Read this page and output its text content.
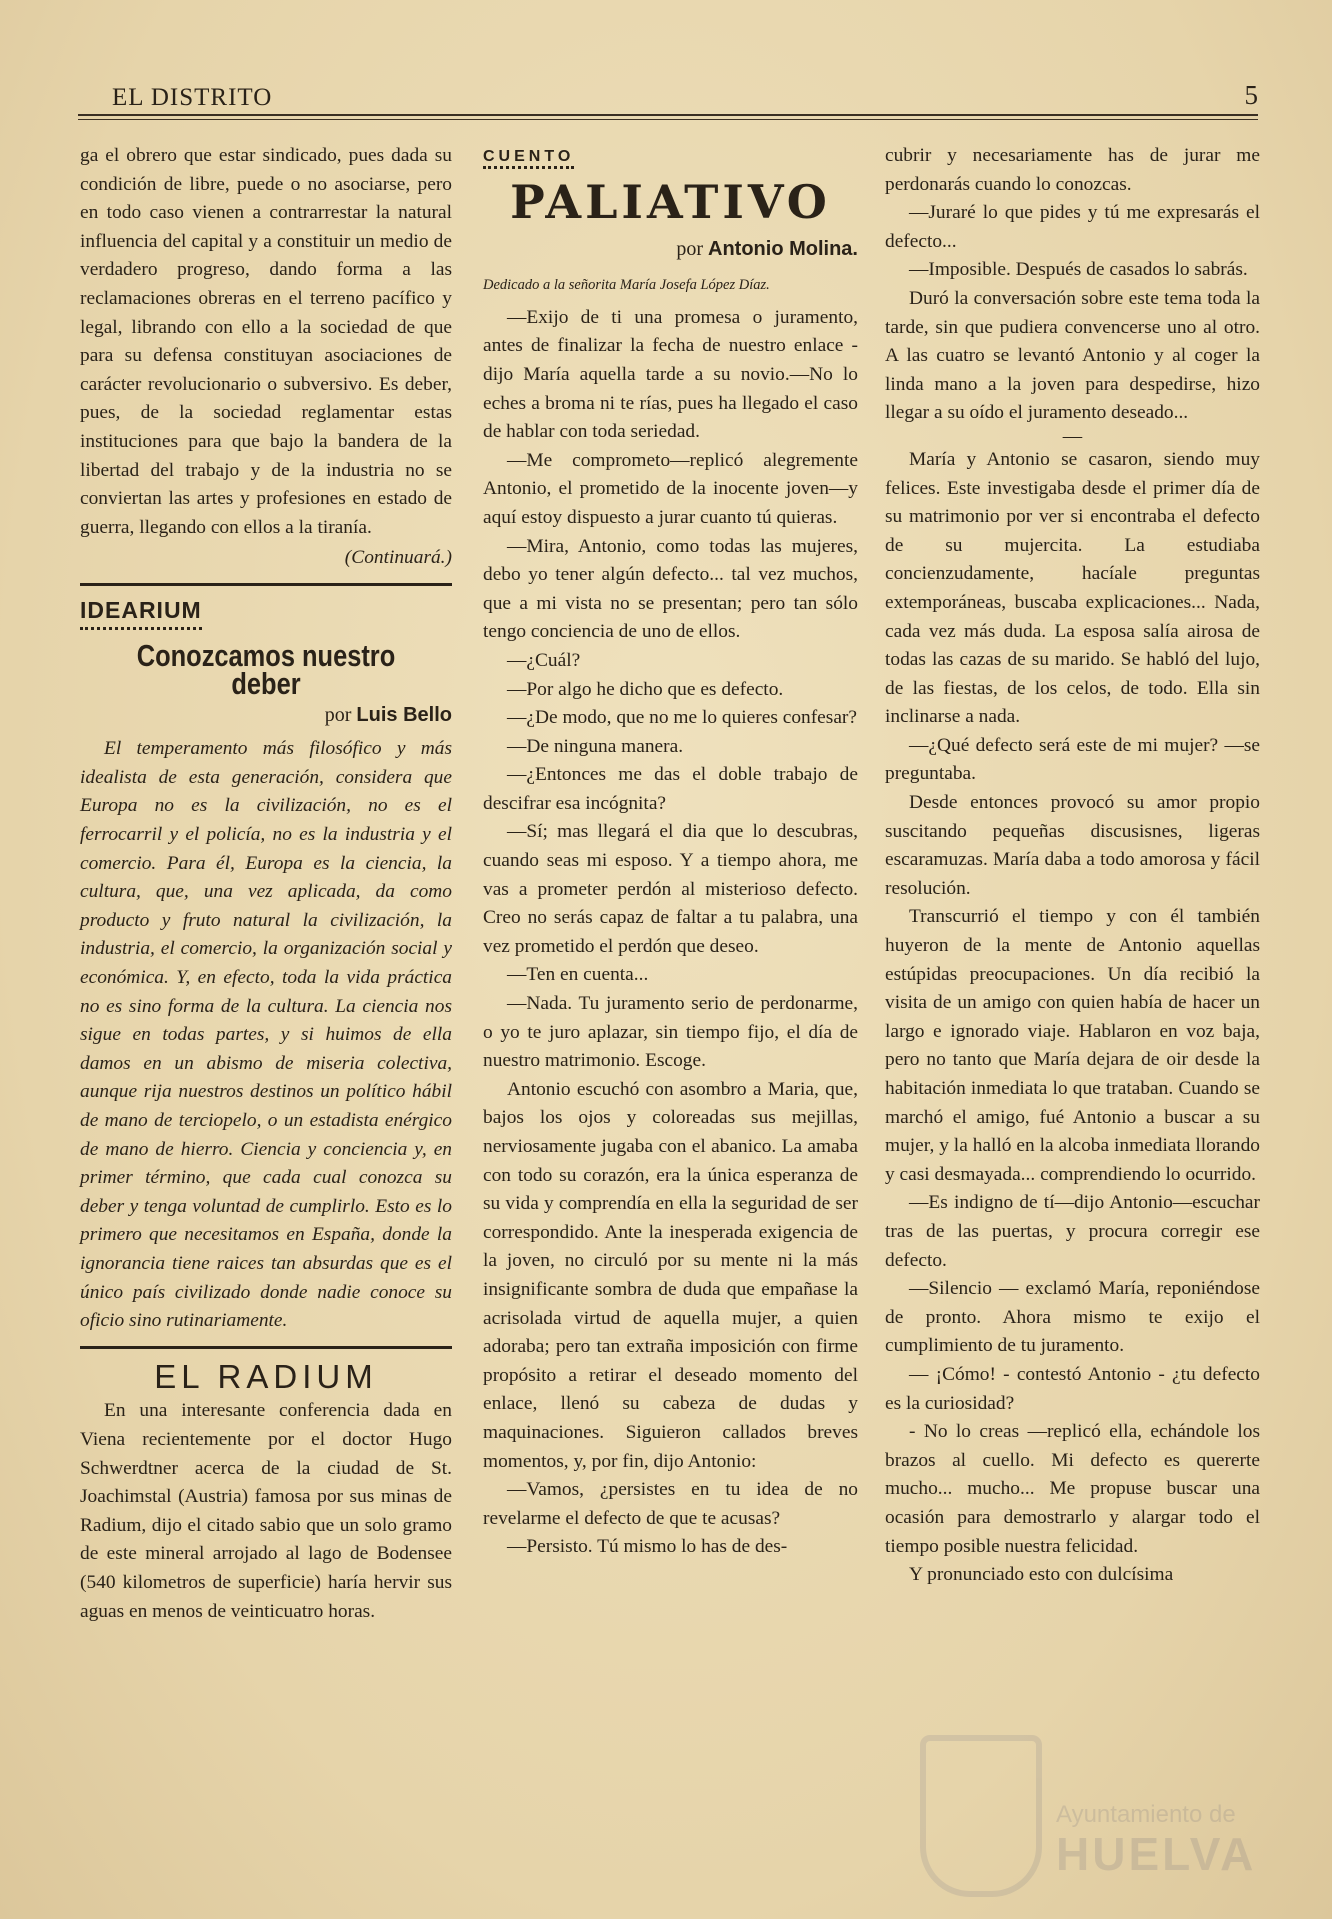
EL DISTRITO	5

ga el obrero que estar sindicado, pues dada su condición de libre, puede o no asociarse, pero en todo caso vienen a contrarrestar la natural influencia del capital y a constituir un medio de verdadero progreso, dando forma a las reclamaciones obreras en el terreno pacífico y legal, librando con ello a la sociedad de que para su defensa constituyan asociaciones de carácter revolucionario o subversivo. Es deber, pues, de la sociedad reglamentar estas instituciones para que bajo la bandera de la libertad del trabajo y de la industria no se conviertan las artes y profesiones en estado de guerra, llegando con ellos a la tiranía.

(Continuará.)
IDEARIUM
Conozcamos nuestro deber
por Luis Bello

El temperamento más filosófico y más idealista de esta generación, considera que Europa no es la civilización, no es el ferrocarril y el policía, no es la industria y el comercio. Para él, Europa es la ciencia, la cultura, que, una vez aplicada, da como producto y fruto natural la civilización, la industria, el comercio, la organización social y económica. Y, en efecto, toda la vida práctica no es sino forma de la cultura. La ciencia nos sigue en todas partes, y si huimos de ella damos en un abismo de miseria colectiva, aunque rija nuestros destinos un político hábil de mano de terciopelo, o un estadista enérgico de mano de hierro. Ciencia y conciencia y, en primer término, que cada cual conozca su deber y tenga voluntad de cumplirlo. Esto es lo primero que necesitamos en España, donde la ignorancia tiene raices tan absurdas que es el único país civilizado donde nadie conoce su oficio sino rutinariamente.

EL RADIUM

En una interesante conferencia dada en Viena recientemente por el doctor Hugo Schwerdtner acerca de la ciudad de St. Joachimstal (Austria) famosa por sus minas de Radium, dijo el citado sabio que un solo gramo de este mineral arrojado al lago de Bodensee (540 kilometros de superficie) haría hervir sus aguas en menos de veinticuatro horas.

CUENTO
PALIATIVO
por Antonio Molina.

Dedicado a la señorita María Josefa López Díaz.

—Exijo de ti una promesa o juramento, antes de finalizar la fecha de nuestro enlace - dijo María aquella tarde a su novio.—No lo eches a broma ni te rías, pues ha llegado el caso de hablar con toda seriedad.

—Me comprometo—replicó alegremente Antonio, el prometido de la inocente joven—y aquí estoy dispuesto a jurar cuanto tú quieras.

—Mira, Antonio, como todas las mujeres, debo yo tener algún defecto... tal vez muchos, que a mi vista no se presentan; pero tan sólo tengo conciencia de uno de ellos.

—¿Cuál?

—Por algo he dicho que es defecto.

—¿De modo, que no me lo quieres confesar?

—De ninguna manera.

—¿Entonces me das el doble trabajo de descifrar esa incógnita?

—Sí; mas llegará el dia que lo descubras, cuando seas mi esposo. Y a tiempo ahora, me vas a prometer perdón al misterioso defecto. Creo no serás capaz de faltar a tu palabra, una vez prometido el perdón que deseo.

—Ten en cuenta...

—Nada. Tu juramento serio de perdonarme, o yo te juro aplazar, sin tiempo fijo, el día de nuestro matrimonio. Escoge.

Antonio escuchó con asombro a Maria, que, bajos los ojos y coloreadas sus mejillas, nerviosamente jugaba con el abanico. La amaba con todo su corazón, era la única esperanza de su vida y comprendía en ella la seguridad de ser correspondido. Ante la inesperada exigencia de la joven, no circuló por su mente ni la más insignificante sombra de duda que empañase la acrisolada virtud de aquella mujer, a quien adoraba; pero tan extraña imposición con firme propósito a retirar el deseado momento del enlace, llenó su cabeza de dudas y maquinaciones. Siguieron callados breves momentos, y, por fin, dijo Antonio:

—Vamos, ¿persistes en tu idea de no revelarme el defecto de que te acusas?

—Persisto. Tú mismo lo has de des-

cubrir y necesariamente has de jurar me perdonarás cuando lo conozcas.

—Juraré lo que pides y tú me expresarás el defecto...

—Imposible. Después de casados lo sabrás.

Duró la conversación sobre este tema toda la tarde, sin que pudiera convencerse uno al otro. A las cuatro se levantó Antonio y al coger la linda mano a la joven para despedirse, hizo llegar a su oído el juramento deseado...

—

María y Antonio se casaron, siendo muy felices. Este investigaba desde el primer día de su matrimonio por ver si encontraba el defecto de su mujercita. La estudiaba concienzudamente, hacíale preguntas extemporáneas, buscaba explicaciones... Nada, cada vez más duda. La esposa salía airosa de todas las cazas de su marido. Se habló del lujo, de las fiestas, de los celos, de todo. Ella sin inclinarse a nada.

—¿Qué defecto será este de mi mujer? —se preguntaba.

Desde entonces provocó su amor propio suscitando pequeñas discusisnes, ligeras escaramuzas. María daba a todo amorosa y fácil resolución.

Transcurrió el tiempo y con él también huyeron de la mente de Antonio aquellas estúpidas preocupaciones. Un día recibió la visita de un amigo con quien había de hacer un largo e ignorado viaje. Hablaron en voz baja, pero no tanto que María dejara de oir desde la habitación inmediata lo que trataban. Cuando se marchó el amigo, fué Antonio a buscar a su mujer, y la halló en la alcoba inmediata llorando y casi desmayada... comprendiendo lo ocurrido.

—Es indigno de tí—dijo Antonio—escuchar tras de las puertas, y procura corregir ese defecto.

—Silencio — exclamó María, reponiéndose de pronto. Ahora mismo te exijo el cumplimiento de tu juramento.

— ¡Cómo! - contestó Antonio - ¿tu defecto es la curiosidad?

- No lo creas —replicó ella, echándole los brazos al cuello. Mi defecto es quererte mucho... mucho... Me propuse buscar una ocasión para demostrarlo y alargar todo el tiempo posible nuestra felicidad.

Y pronunciado esto con dulcísima

Ayuntamiento de
HUELVA
